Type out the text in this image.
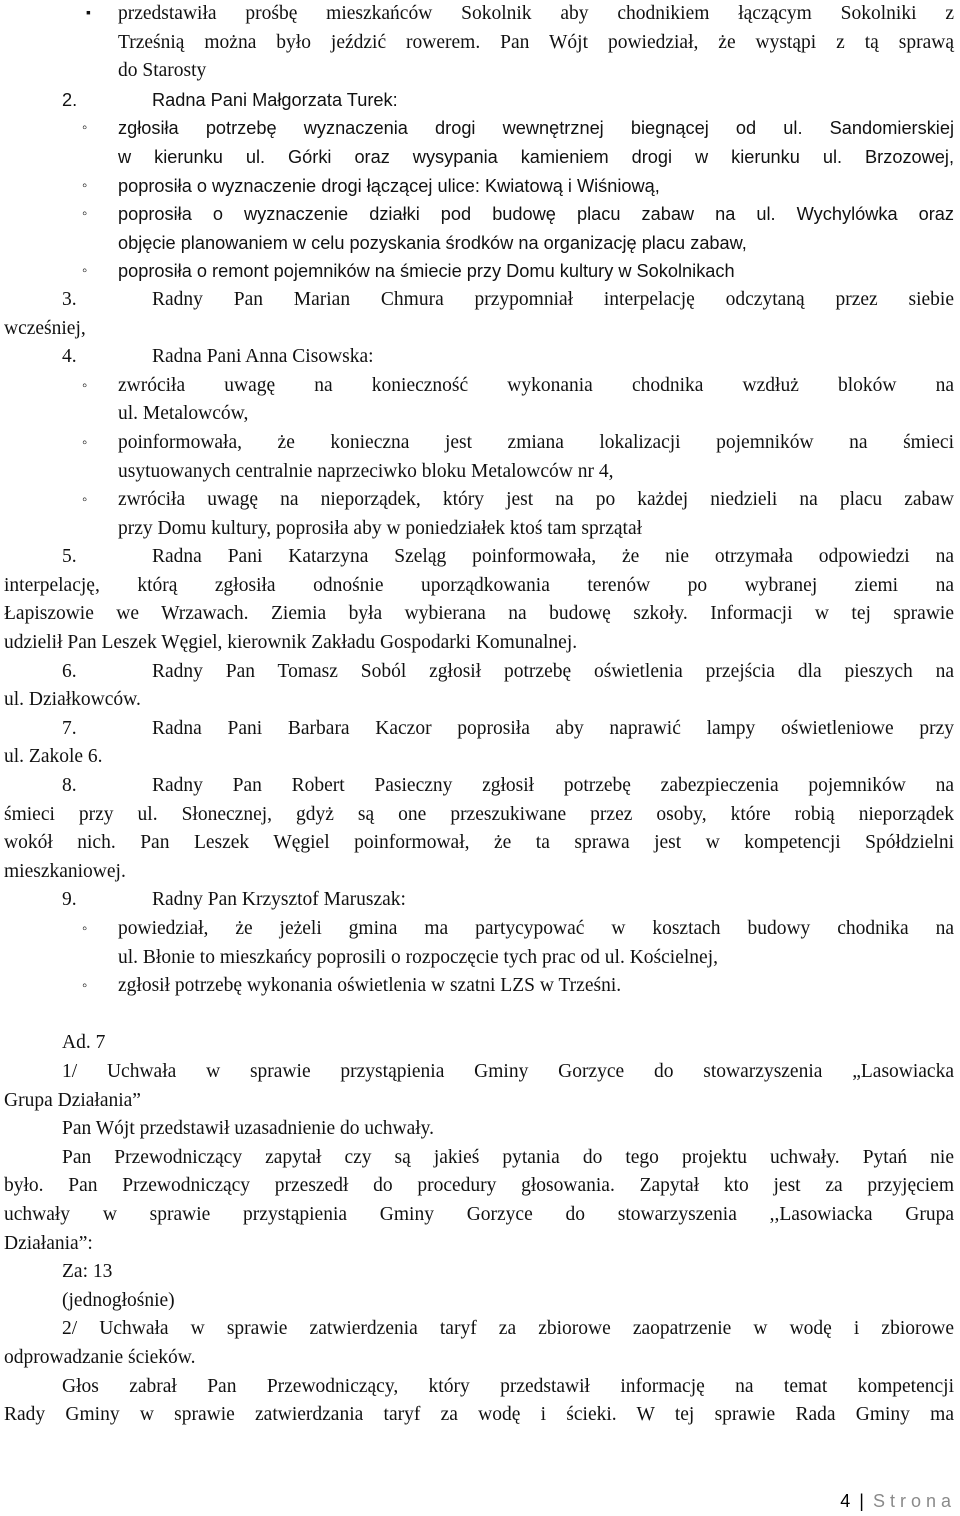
▪ przedstawiła prośbę mieszkańców Sokolnik aby chodnikiem łączącym Sokolniki z
Trześnią można było jeździć rowerem. Pan Wójt powiedział, że wystąpi z tą sprawą
do Starosty
2.	Radna Pani Małgorzata Turek:
◦ zgłosiła potrzebę wyznaczenia drogi wewnętrznej biegnącej od ul. Sandomierskiej
w kierunku ul. Górki oraz wysypania kamieniem drogi w kierunku ul. Brzozowej,
◦ poprosiła o wyznaczenie drogi łączącej ulice: Kwiatową i Wiśniową,
◦ poprosiła o wyznaczenie działki pod budowę placu zabaw na ul. Wychylówka oraz
objęcie planowaniem w celu pozyskania środków na organizację placu zabaw,
◦ poprosiła o remont pojemników na śmiecie przy Domu kultury w Sokolnikach
3.	Radny Pan Marian Chmura przypomniał interpelację odczytaną przez siebie
wcześniej,
4.	Radna Pani Anna Cisowska:
◦ zwróciła uwagę na konieczność wykonania chodnika wzdłuż bloków na
ul. Metalowców,
◦ poinformowała, że konieczna jest zmiana lokalizacji pojemników na śmieci
usytuowanych centralnie naprzeciwko bloku Metalowców nr 4,
◦ zwróciła uwagę na nieporządek, który jest na po każdej niedzieli na placu zabaw
przy Domu kultury, poprosiła aby w poniedziałek ktoś tam sprzątał
5.	Radna Pani Katarzyna Szeląg poinformowała, że nie otrzymała odpowiedzi na
interpelację, którą zgłosiła odnośnie uporządkowania terenów po wybranej ziemi na
Łapiszowie we Wrzawach. Ziemia była wybierana na budowę szkoły. Informacji w tej sprawie
udzielił Pan Leszek Węgiel, kierownik Zakładu Gospodarki Komunalnej.
6.	Radny Pan Tomasz Soból zgłosił potrzebę oświetlenia przejścia dla pieszych na
ul. Działkowców.
7.	Radna Pani Barbara Kaczor poprosiła aby naprawić lampy oświetleniowe przy
ul. Zakole 6.
8.	Radny Pan Robert Pasieczny zgłosił potrzebę zabezpieczenia pojemników na
śmieci przy ul. Słonecznej, gdyż są one przeszukiwane przez osoby, które robią nieporządek
wokół nich. Pan Leszek Węgiel poinformował, że ta sprawa jest w kompetencji Spółdzielni
mieszkaniowej.
9.	Radny Pan Krzysztof Maruszak:
◦ powiedział, że jeżeli gmina ma partycypować w kosztach budowy chodnika na
ul. Błonie to mieszkańcy poprosili o rozpoczęcie tych prac od ul. Kościelnej,
◦ zgłosił potrzebę wykonania oświetlenia w szatni LZS w Trześni.
Ad. 7
1/ Uchwała w sprawie przystąpienia Gminy Gorzyce do stowarzyszenia „Lasowiacka
Grupa Działania”
Pan Wójt przedstawił uzasadnienie do uchwały.
Pan Przewodniczący zapytał czy są jakieś pytania do tego projektu uchwały. Pytań nie
było. Pan Przewodniczący przeszedł do procedury głosowania. Zapytał kto jest za przyjęciem
uchwały w sprawie przystąpienia Gminy Gorzyce do stowarzyszenia ,,Lasowiacka Grupa
Działania”:
Za: 13
(jednogłośnie)
2/ Uchwała w sprawie zatwierdzenia taryf za zbiorowe zaopatrzenie w wodę i zbiorowe
odprowadzanie ścieków.
Głos zabrał Pan Przewodniczący, który przedstawił informację na temat kompetencji
Rady Gminy w sprawie zatwierdzania taryf za wodę i ścieki. W tej sprawie Rada Gminy ma
4 | Strona
